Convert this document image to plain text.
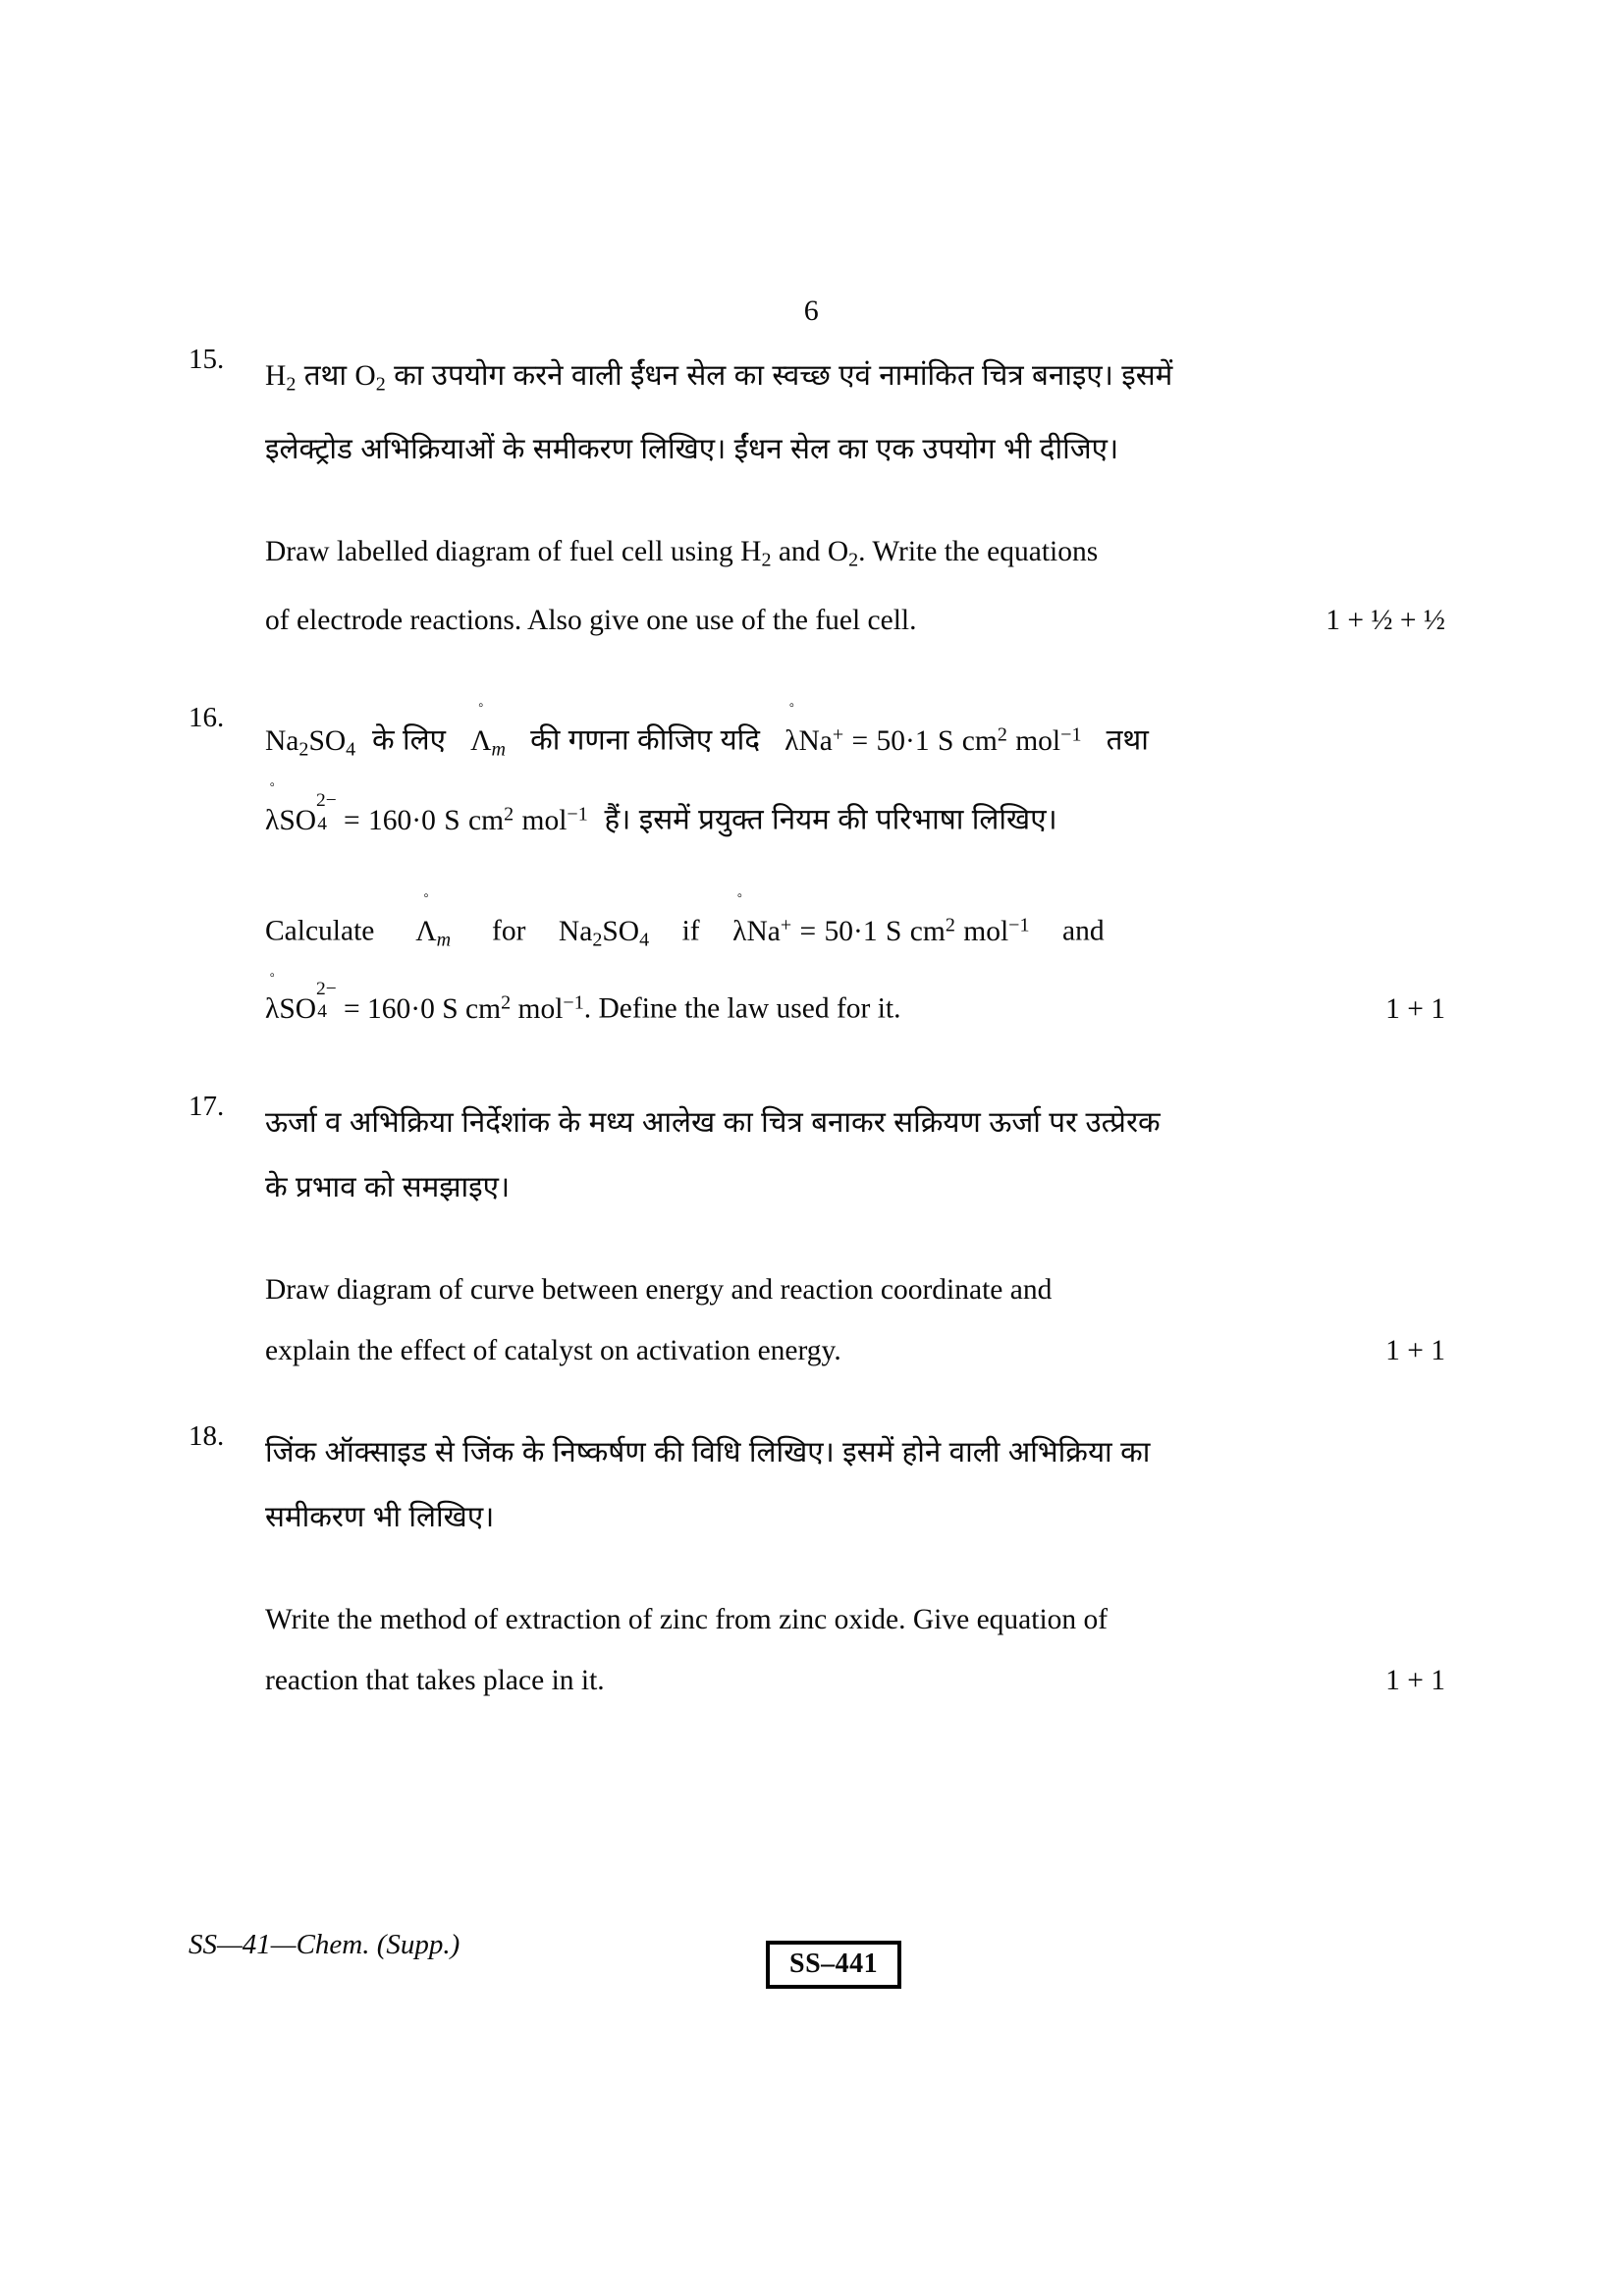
6
15.
$H_2$ तथा $O_2$ का उपयोग करने वाली ईंधन सेल का स्वच्छ एवं नामांकित चित्र बनाइए। इसमें
इलेक्ट्रोड अभिक्रियाओं के समीकरण लिखिए। ईंधन सेल का एक उपयोग भी दीजिए।
Draw labelled diagram of fuel cell using $H_2$ and $O_2$. Write the equations
of electrode reactions. Also give one use of the fuel cell.	1 + ½ + ½
16.
$Na_2SO_4$ के लिए Λ
◦
$_m$ की गणना कीजिए यदि λ
◦
Na+ = 50·1 S $cm^2$ mol$^{-1}$ तथा
λ
◦
SO
2−
4 = 160·0 S $cm^2$ mol$^{-1}$ हैं। इसमें प्रयुक्त नियम की परिभाषा लिखिए।
Calculate Λ
◦
$_m$ for $Na_2SO_4$ if λ
◦
Na+ = 50·1 S $cm^2$ mol$^{-1}$ and
λ
◦
SO
2−
4 = 160·0 S $cm^2$ mol$^{-1}$. Define the law used for it.	1 + 1
17.
ऊर्जा व अभिक्रिया निर्देशांक के मध्य आलेख का चित्र बनाकर सक्रियण ऊर्जा पर उत्प्रेरक
के प्रभाव को समझाइए।
Draw diagram of curve between energy and reaction coordinate and
explain the effect of catalyst on activation energy.	1 + 1
18.
जिंक ऑक्साइड से जिंक के निष्कर्षण की विधि लिखिए। इसमें होने वाली अभिक्रिया का
समीकरण भी लिखिए।
Write the method of extraction of zinc from zinc oxide. Give equation of
reaction that takes place in it.	1 + 1
SS—41—Chem. (Supp.)
SS–441
